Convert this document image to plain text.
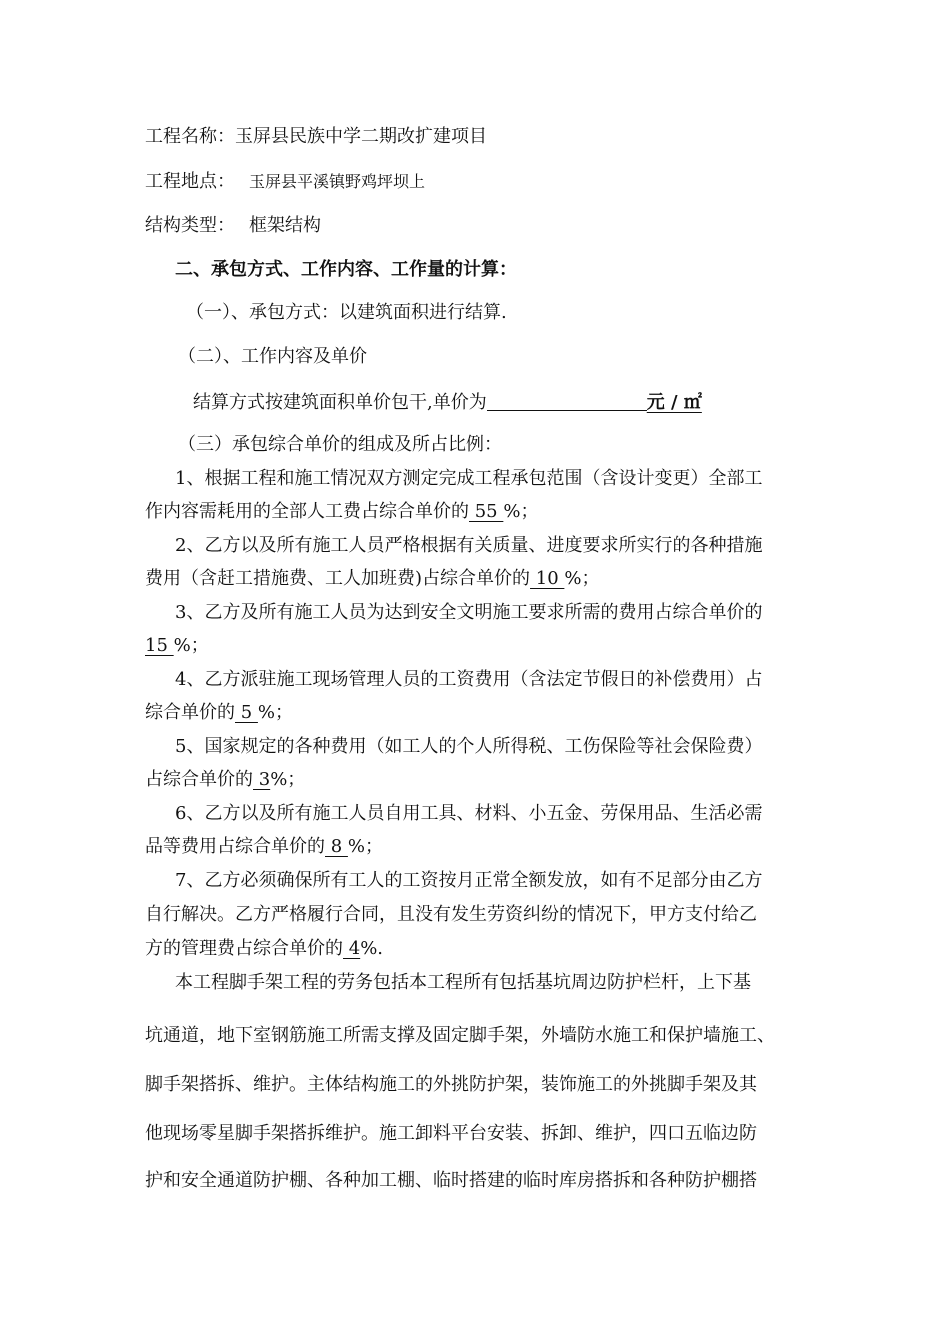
工程名称：玉屏县民族中学二期改扩建项目
工程地点： 玉屏县平溪镇野鸡坪坝上
结构类型： 框架结构
二、承包方式、工作内容、工作量的计算：
（一）、承包方式：以建筑面积进行结算.
（二）、工作内容及单价
结算方式按建筑面积单价包干,单价为	元 / ㎡
（三）承包综合单价的组成及所占比例：
1、根据工程和施工情况双方测定完成工程承包范围（含设计变更）全部工
作内容需耗用的全部人工费占综合单价的 55 %；
2、乙方以及所有施工人员严格根据有关质量、进度要求所实行的各种措施
费用（含赶工措施费、工人加班费)占综合单价的 10 %；
3、乙方及所有施工人员为达到安全文明施工要求所需的费用占综合单价的
15 %；
4、乙方派驻施工现场管理人员的工资费用（含法定节假日的补偿费用）占
综合单价的 5 %；
5、国家规定的各种费用（如工人的个人所得税、工伤保险等社会保险费）
占综合单价的 3%；
6、乙方以及所有施工人员自用工具、材料、小五金、劳保用品、生活必需
品等费用占综合单价的 8 %；
7、乙方必须确保所有工人的工资按月正常全额发放，如有不足部分由乙方
自行解决。乙方严格履行合同，且没有发生劳资纠纷的情况下，甲方支付给乙
方的管理费占综合单价的 4%.
本工程脚手架工程的劳务包括本工程所有包括基坑周边防护栏杆，上下基
坑通道，地下室钢筋施工所需支撑及固定脚手架，外墙防水施工和保护墙施工、
脚手架搭拆、维护。主体结构施工的外挑防护架，装饰施工的外挑脚手架及其
他现场零星脚手架搭拆维护。施工卸料平台安装、拆卸、维护，四口五临边防
护和安全通道防护棚、各种加工棚、临时搭建的临时库房搭拆和各种防护棚搭
